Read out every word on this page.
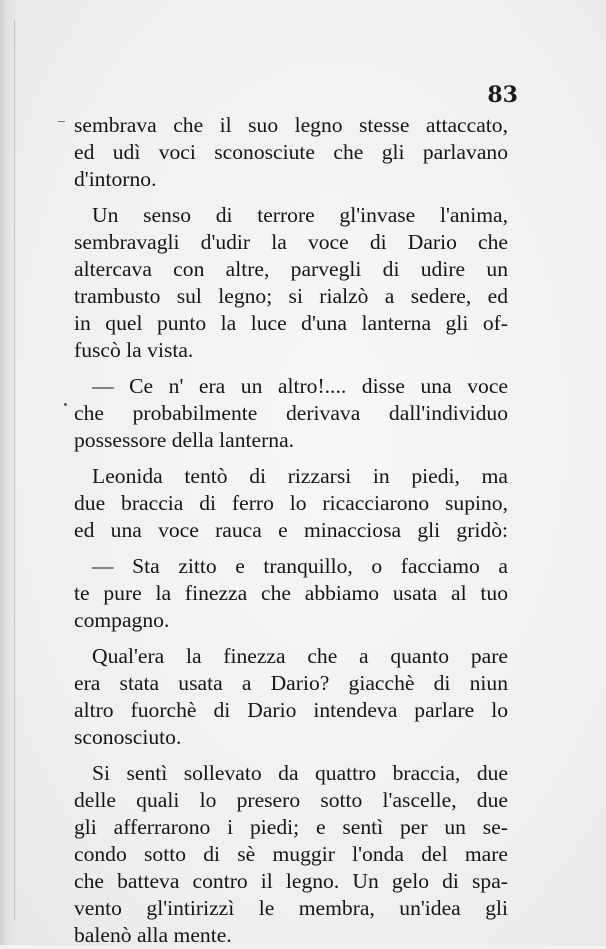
83
sembrava che il suo legno stesse attaccato,
ed udì voci sconosciute che gli parlavano
d'intorno.
Un senso di terrore gl'invase l'anima,
sembravagli d'udir la voce di Dario che
altercava con altre, parvegli di udire un
trambusto sul legno; si rialzò a sedere, ed
in quel punto la luce d'una lanterna gli of-
fuscò la vista.
— Ce n' era un altro!.... disse una voce
che probabilmente derivava dall'individuo
possessore della lanterna.
Leonida tentò di rizzarsi in piedi, ma
due braccia di ferro lo ricacciarono supino,
ed una voce rauca e minacciosa gli gridò:
— Sta zitto e tranquillo, o facciamo a
te pure la finezza che abbiamo usata al tuo
compagno.
Qual'era la finezza che a quanto pare
era stata usata a Dario? giacchè di niun
altro fuorchè di Dario intendeva parlare lo
sconosciuto.
Si sentì sollevato da quattro braccia, due
delle quali lo presero sotto l'ascelle, due
gli afferrarono i piedi; e sentì per un se-
condo sotto di sè muggir l'onda del mare
che batteva contro il legno. Un gelo di spa-
vento gl'intirizzì le membra, un'idea gli
balenò alla mente.
